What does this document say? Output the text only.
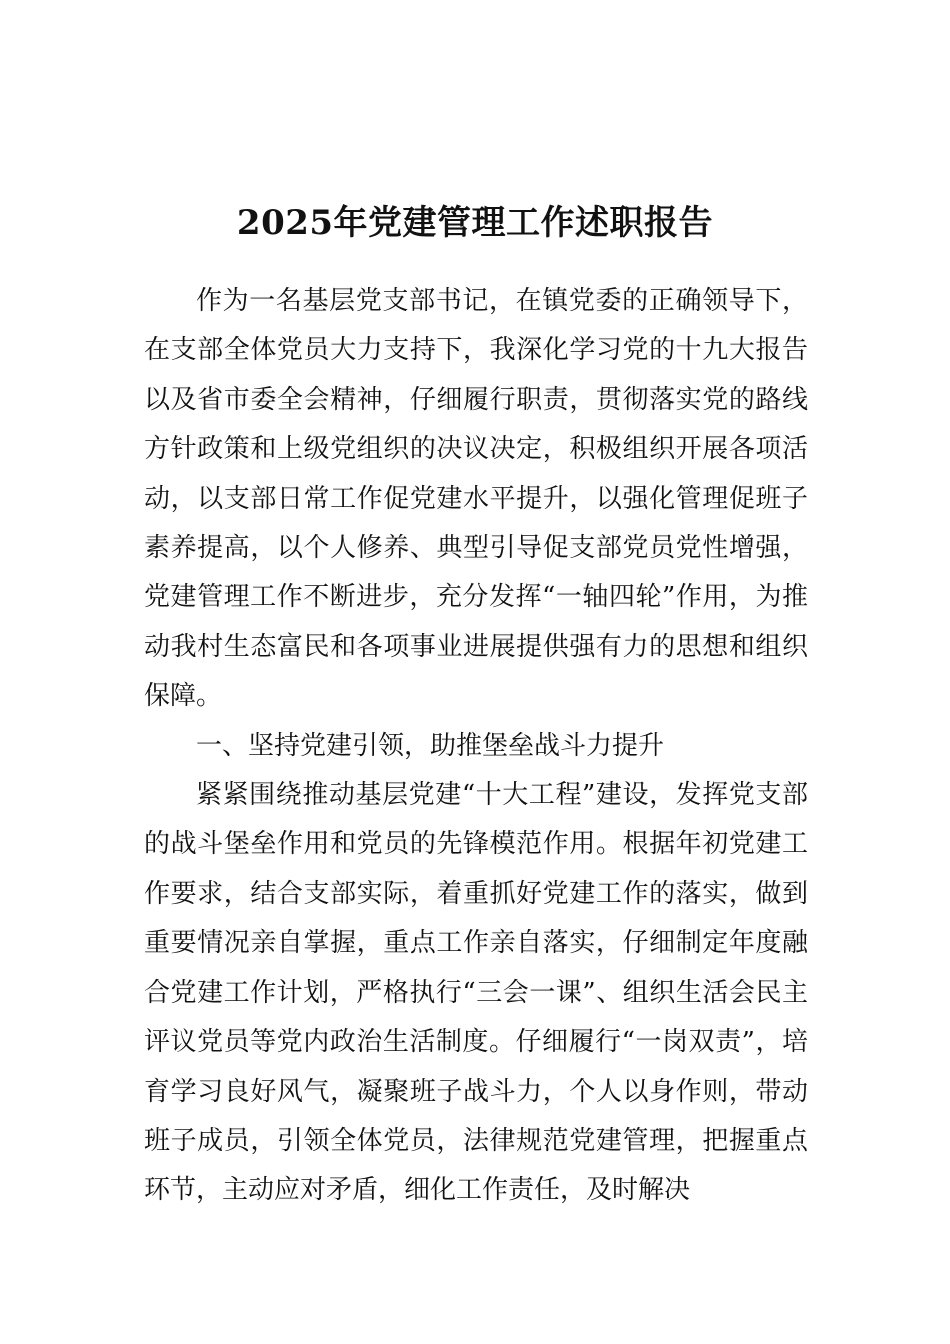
2025年党建管理工作述职报告

作为一名基层党支部书记，在镇党委的正确领导下，在支部全体党员大力支持下，我深化学习党的十九大报告以及省市委全会精神，仔细履行职责，贯彻落实党的路线方针政策和上级党组织的决议决定，积极组织开展各项活动，以支部日常工作促党建水平提升，以强化管理促班子素养提高，以个人修养、典型引导促支部党员党性增强，党建管理工作不断进步，充分发挥“一轴四轮”作用，为推动我村生态富民和各项事业进展提供强有力的思想和组织保障。

一、坚持党建引领，助推堡垒战斗力提升

紧紧围绕推动基层党建“十大工程”建设，发挥党支部的战斗堡垒作用和党员的先锋模范作用。根据年初党建工作要求，结合支部实际，着重抓好党建工作的落实，做到重要情况亲自掌握，重点工作亲自落实，仔细制定年度融合党建工作计划，严格执行“三会一课”、组织生活会民主评议党员等党内政治生活制度。仔细履行“一岗双责”，培育学习良好风气，凝聚班子战斗力，个人以身作则，带动班子成员，引领全体党员，法律规范党建管理，把握重点环节，主动应对矛盾，细化工作责任，及时解决
